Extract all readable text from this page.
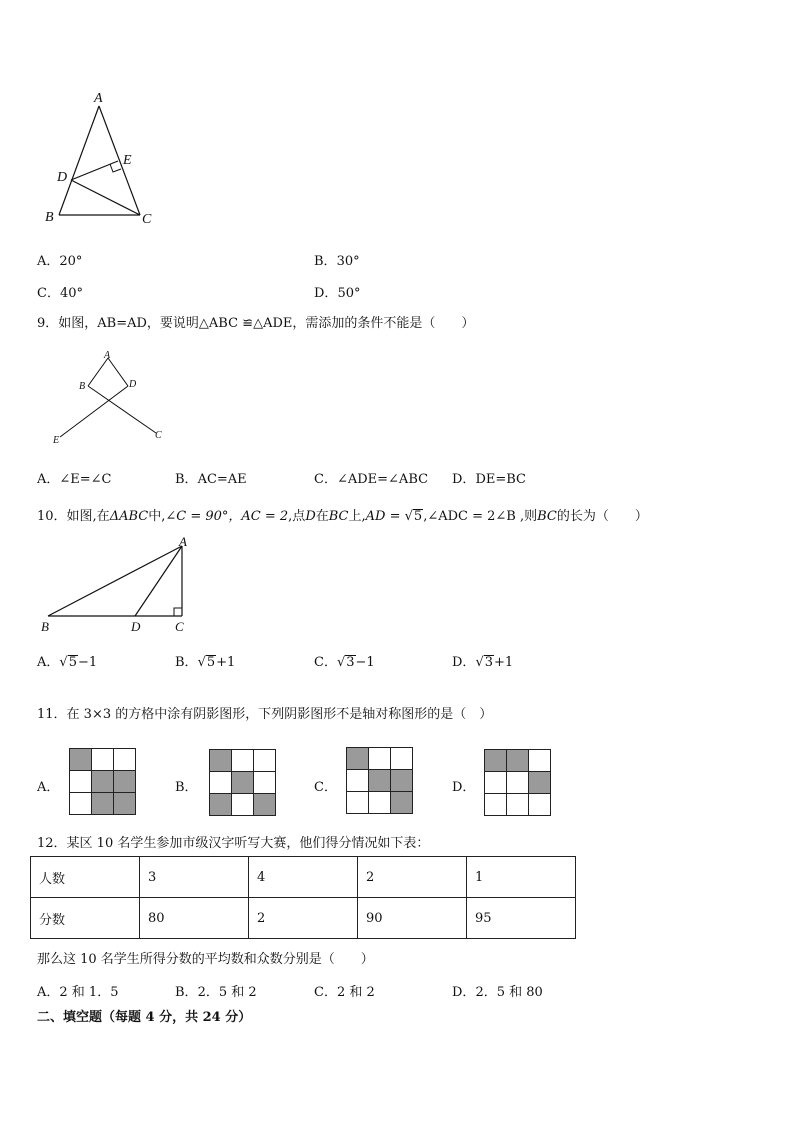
A
B	C
D
E
A．20°	B．30°
C．40°	D．50°
9．如图，AB=AD，要说明△ABC ≌△ADE，需添加的条件不能是（　　）
A
B
C
D
E
A．∠E=∠C	B．AC=AE	C．∠ADE=∠ABC D．DE=BC
10．如图,在ΔABC中,∠C = 90°，AC = 2,点D在BC上,AD = √5,∠ADC = 2∠B ,则BC的长为（　　）
A
B	C
D
A．√5−1	B．√5+1	C．√3−1	D．√3+1
11．在 3×3 的方格中涂有阴影图形，下列阴影图形不是轴对称图形的是（　）
A．	B．	C．	D．
12．某区 10 名学生参加市级汉字听写大赛，他们得分情况如下表：
人数	3	4	2	1
分数	80	2	90	95
那么这 10 名学生所得分数的平均数和众数分别是（　　）
A．2 和 1．5	B．2．5 和 2	C．2 和 2	D．2．5 和 80
二、填空题（每题 4 分，共 24 分）
